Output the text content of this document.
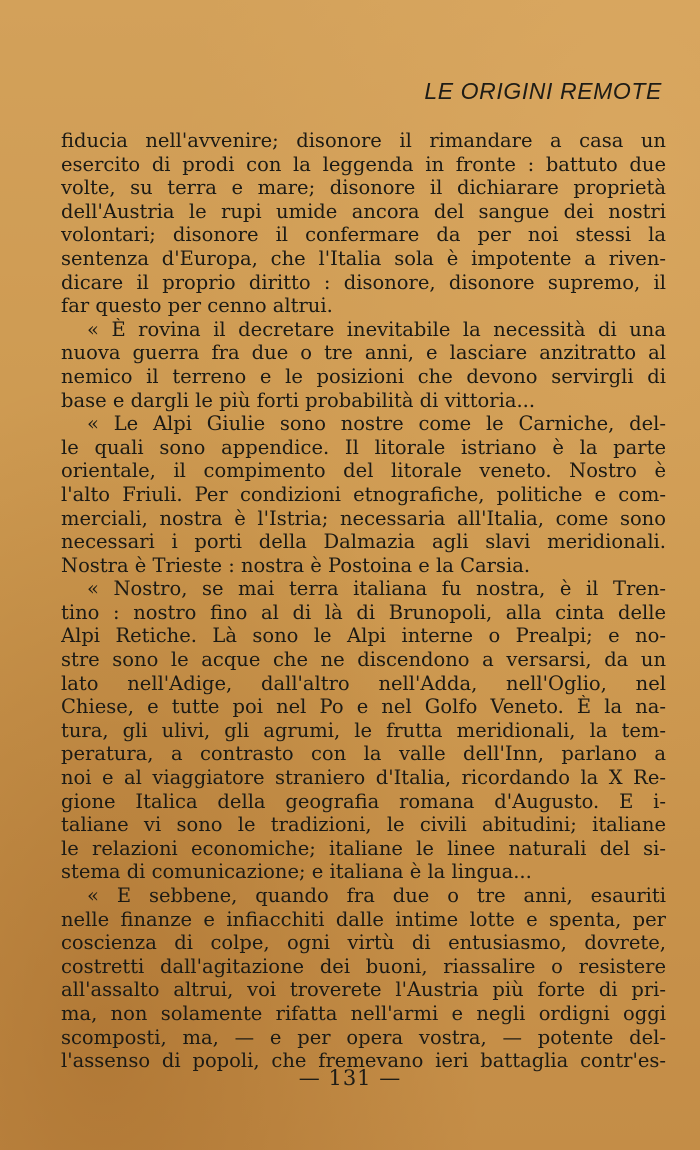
LE ORIGINI REMOTE
fiducia nell'avvenire; disonore il rimandare a casa un
esercito di prodi con la leggenda in fronte : battuto due
volte, su terra e mare; disonore il dichiarare proprietà
dell'Austria le rupi umide ancora del sangue dei nostri
volontari; disonore il confermare da per noi stessi la
sentenza d'Europa, che l'Italia sola è impotente a riven-
dicare il proprio diritto : disonore, disonore supremo, il
far questo per cenno altrui.
« È rovina il decretare inevitabile la necessità di una
nuova guerra fra due o tre anni, e lasciare anzitratto al
nemico il terreno e le posizioni che devono servirgli di
base e dargli le più forti probabilità di vittoria...
« Le Alpi Giulie sono nostre come le Carniche, del-
le quali sono appendice. Il litorale istriano è la parte
orientale, il compimento del litorale veneto. Nostro è
l'alto Friuli. Per condizioni etnografiche, politiche e com-
merciali, nostra è l'Istria; necessaria all'Italia, come sono
necessari i porti della Dalmazia agli slavi meridionali.
Nostra è Trieste : nostra è Postoina e la Carsia.
« Nostro, se mai terra italiana fu nostra, è il Tren-
tino : nostro fino al di là di Brunopoli, alla cinta delle
Alpi Retiche. Là sono le Alpi interne o Prealpi; e no-
stre sono le acque che ne discendono a versarsi, da un
lato nell'Adige, dall'altro nell'Adda, nell'Oglio, nel
Chiese, e tutte poi nel Po e nel Golfo Veneto. È la na-
tura, gli ulivi, gli agrumi, le frutta meridionali, la tem-
peratura, a contrasto con la valle dell'Inn, parlano a
noi e al viaggiatore straniero d'Italia, ricordando la X Re-
gione Italica della geografia romana d'Augusto. E i-
taliane vi sono le tradizioni, le civili abitudini; italiane
le relazioni economiche; italiane le linee naturali del si-
stema di comunicazione; e italiana è la lingua...
« E sebbene, quando fra due o tre anni, esauriti
nelle finanze e infiacchiti dalle intime lotte e spenta, per
coscienza di colpe, ogni virtù di entusiasmo, dovrete,
costretti dall'agitazione dei buoni, riassalire o resistere
all'assalto altrui, voi troverete l'Austria più forte di pri-
ma, non solamente rifatta nell'armi e negli ordigni oggi
scomposti, ma, — e per opera vostra, — potente del-
l'assenso di popoli, che fremevano ieri battaglia contr'es-
— 131 —
